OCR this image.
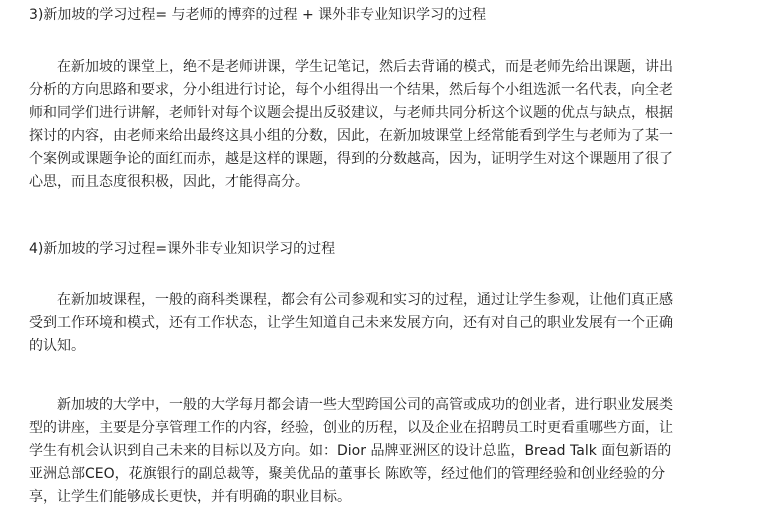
3)新加坡的学习过程= 与老师的博弈的过程 + 课外非专业知识学习的过程
在新加坡的课堂上，绝不是老师讲课，学生记笔记，然后去背诵的模式，而是老师先给出课题，讲出
分析的方向思路和要求，分小组进行讨论，每个小组得出一个结果，然后每个小组选派一名代表，向全老
师和同学们进行讲解，老师针对每个议题会提出反驳建议，与老师共同分析这个议题的优点与缺点，根据
探讨的内容，由老师来给出最终这具小组的分数，因此，在新加坡课堂上经常能看到学生与老师为了某一
个案例或课题争论的面红而赤，越是这样的课题，得到的分数越高，因为，证明学生对这个课题用了很了
心思，而且态度很积极，因此，才能得高分。
4)新加坡的学习过程=课外非专业知识学习的过程
在新加坡课程，一般的商科类课程，都会有公司参观和实习的过程，通过让学生参观，让他们真正感
受到工作环境和模式，还有工作状态，让学生知道自己未来发展方向，还有对自己的职业发展有一个正确
的认知。
新加坡的大学中，一般的大学每月都会请一些大型跨国公司的高管或成功的创业者，进行职业发展类
型的讲座，主要是分享管理工作的内容，经验，创业的历程，以及企业在招聘员工时更看重哪些方面，让
学生有机会认识到自己未来的目标以及方向。如：Dior 品牌亚洲区的设计总监，Bread Talk 面包新语的
亚洲总部CEO，花旗银行的副总裁等，聚美优品的董事长 陈欧等，经过他们的管理经验和创业经验的分
享，让学生们能够成长更快，并有明确的职业目标。
